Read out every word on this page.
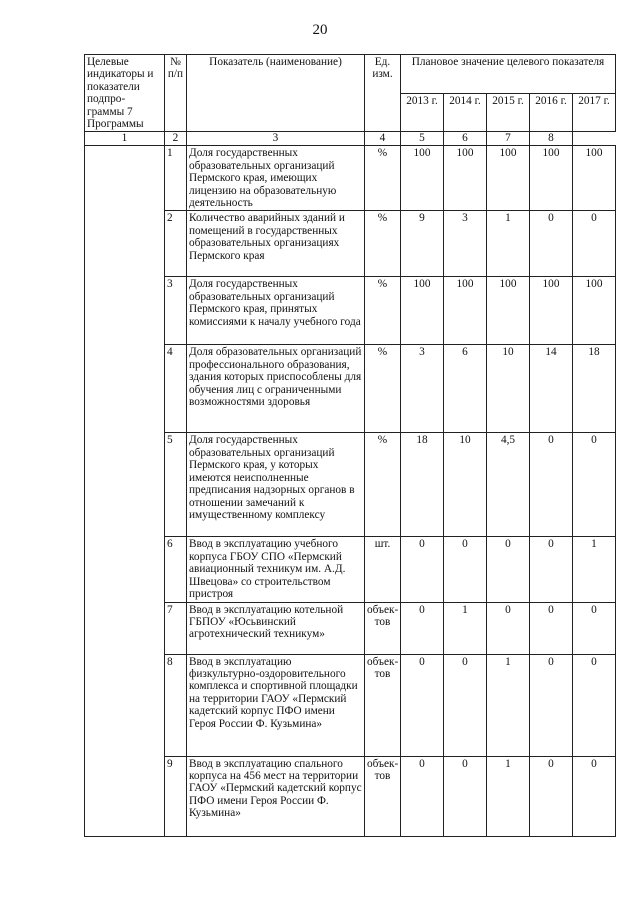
20
Целевые индикаторы и показатели подпро-граммы 7 Программы	№ п/п	Показатель (наименование)	Ед. изм.	Плановое значение целевого показателя				
				2013 г.	2014 г.	2015 г.	2016 г.	2017 г.
1	2	3	4	5	6	7	8	
	1	Доля государственных образовательных организаций Пермского края, имеющих лицензию на образовательную деятельность	%	100	100	100	100	100
	2	Количество аварийных зданий и помещений в государственных образовательных организациях Пермского края	%	9	3	1	0	0
	3	Доля государственных образовательных организаций Пермского края, принятых комиссиями к началу учебного года	%	100	100	100	100	100
	4	Доля образовательных организаций профессионального образования, здания которых приспособлены для обучения лиц с ограниченными возможностями здоровья	%	3	6	10	14	18
	5	Доля государственных образовательных организаций Пермского края, у которых имеются неисполненные предписания надзорных органов в отношении замечаний к имущественному комплексу	%	18	10	4,5	0	0
	6	Ввод в эксплуатацию учебного корпуса ГБОУ СПО «Пермский авиационный техникум им. А.Д. Швецова» со строительством пристроя	шт.	0	0	0	0	1
	7	Ввод в эксплуатацию котельной ГБПОУ «Юсьвинский агротехнический техникум»	объек-тов	0	1	0	0	0
	8	Ввод в эксплуатацию физкультурно-оздоровительного комплекса и спортивной площадки на территории ГАОУ «Пермский кадетский корпус ПФО имени Героя России Ф. Кузьмина»	объек-тов	0	0	1	0	0
	9	Ввод в эксплуатацию спального корпуса на 456 мест на территории ГАОУ «Пермский кадетский корпус ПФО имени Героя России Ф. Кузьмина»	объек-тов	0	0	1	0	0
